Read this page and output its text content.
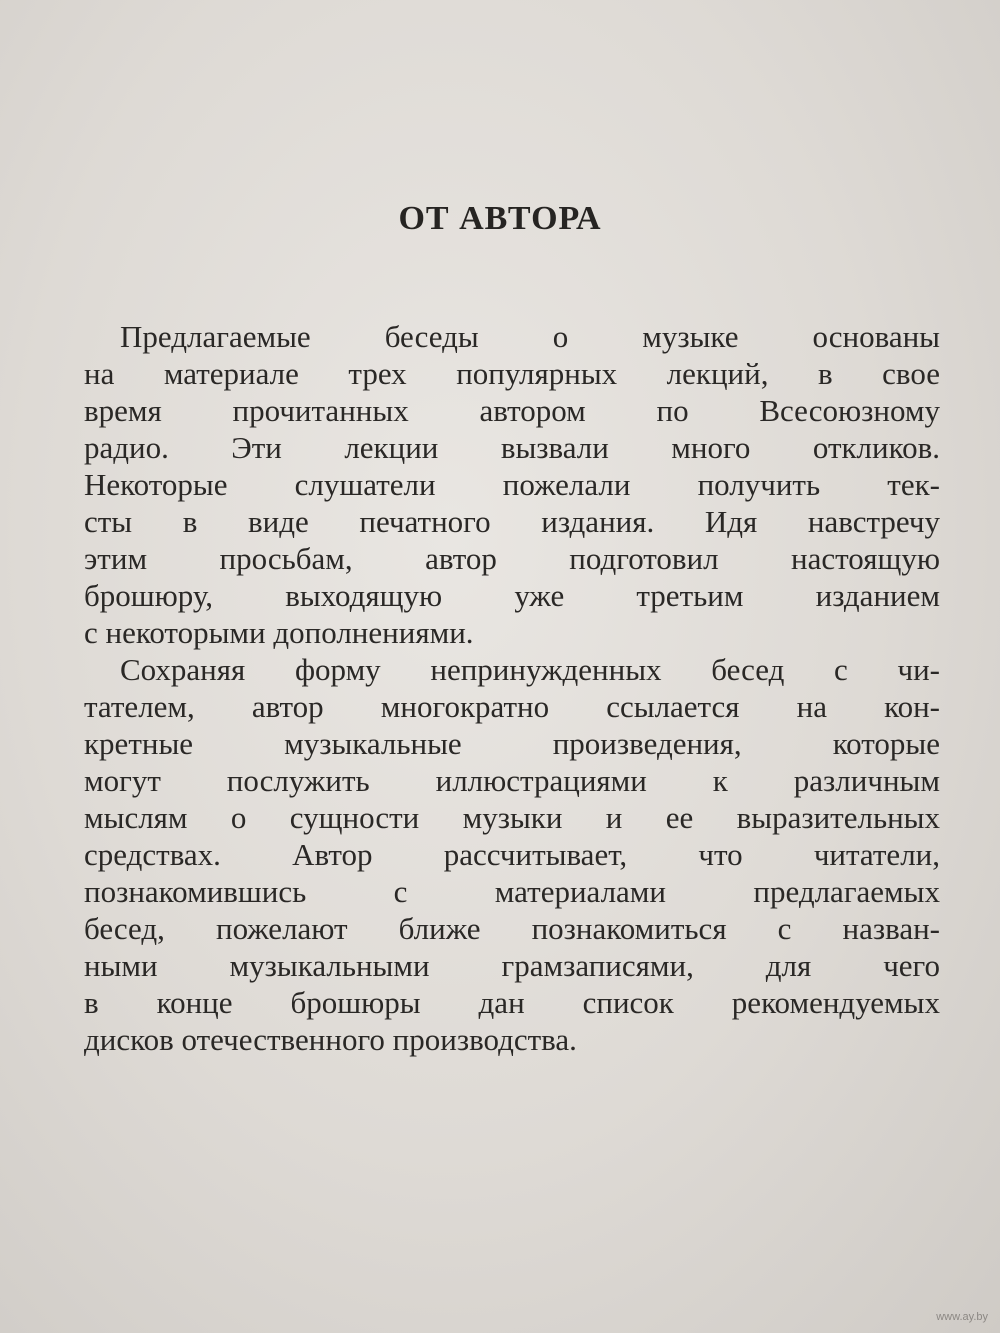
ОТ АВТОРА
Предлагаемые беседы о музыке основаны
на материале трех популярных лекций, в свое
время прочитанных автором по Всесоюзному
радио. Эти лекции вызвали много откликов.
Некоторые слушатели пожелали получить тек-
сты в виде печатного издания. Идя навстречу
этим просьбам, автор подготовил настоящую
брошюру, выходящую уже третьим изданием
с некоторыми дополнениями.
Сохраняя форму непринужденных бесед с чи-
тателем, автор многократно ссылается на кон-
кретные музыкальные произведения, которые
могут послужить иллюстрациями к различным
мыслям о сущности музыки и ее выразительных
средствах. Автор рассчитывает, что читатели,
познакомившись с материалами предлагаемых
бесед, пожелают ближе познакомиться с назван-
ными музыкальными грамзаписями, для чего
в конце брошюры дан список рекомендуемых
дисков отечественного производства.
www.ay.by
